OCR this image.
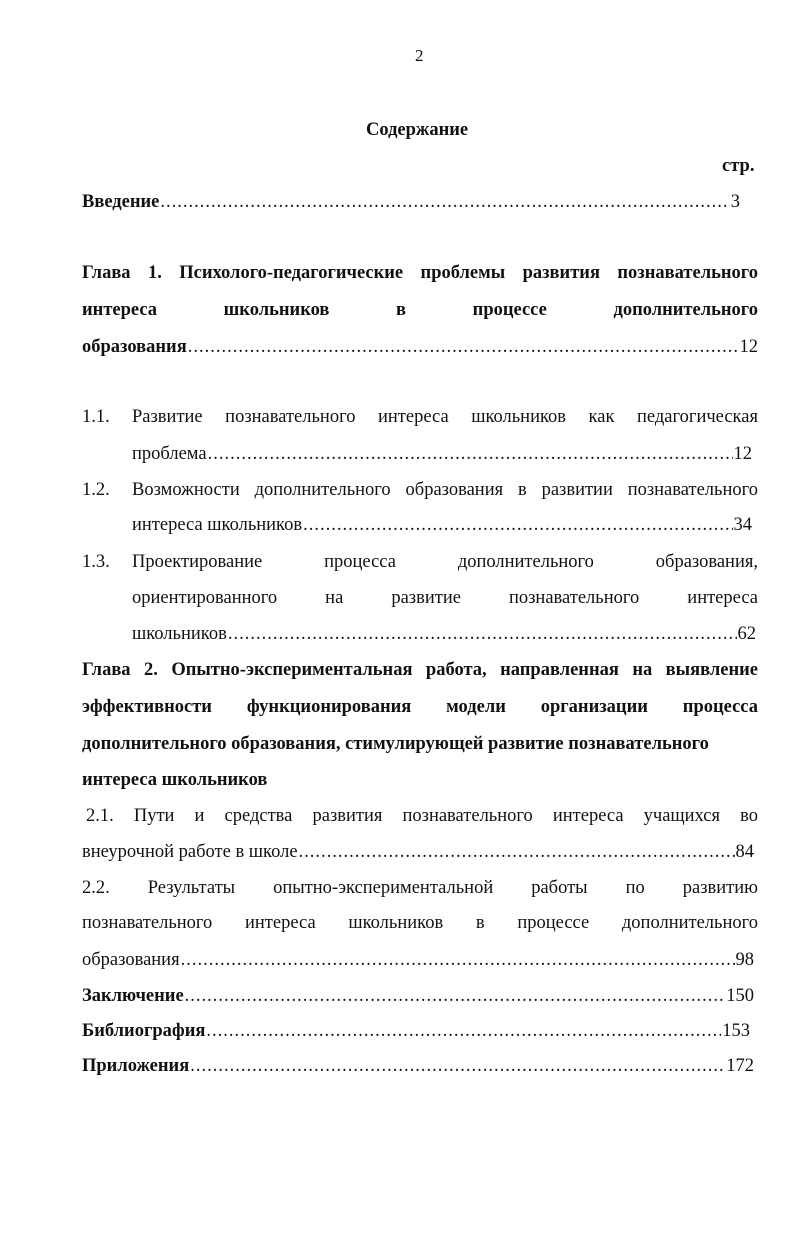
2
Содержание
стр.
Введение .....	3
Глава 1. Психолого-педагогические проблемы развития познавательного
интереса	школьников	в	процессе	дополнительного
образования .....	12
1.1. Развитие познавательного интереса школьников как педагогическая
проблема .....	12
1.2. Возможности дополнительного образования в развитии познавательного
интереса школьников .....	34
1.3. Проектирование	процесса	дополнительного	образования,
ориентированного	на	развитие	познавательного	интереса
школьников .....	62
Глава 2. Опытно-экспериментальная работа, направленная на выявление
эффективности функционирования модели организации процесса
дополнительного образования, стимулирующей развитие познавательного
интереса школьников
2.1. Пути и средства развития познавательного интереса учащихся во
внеурочной работе в школе .....	84
2.2. Результаты опытно-экспериментальной работы по развитию
познавательного интереса школьников в процессе дополнительного
образования .....	98
Заключение .....	150
Библиография .....	153
Приложения .....	172
